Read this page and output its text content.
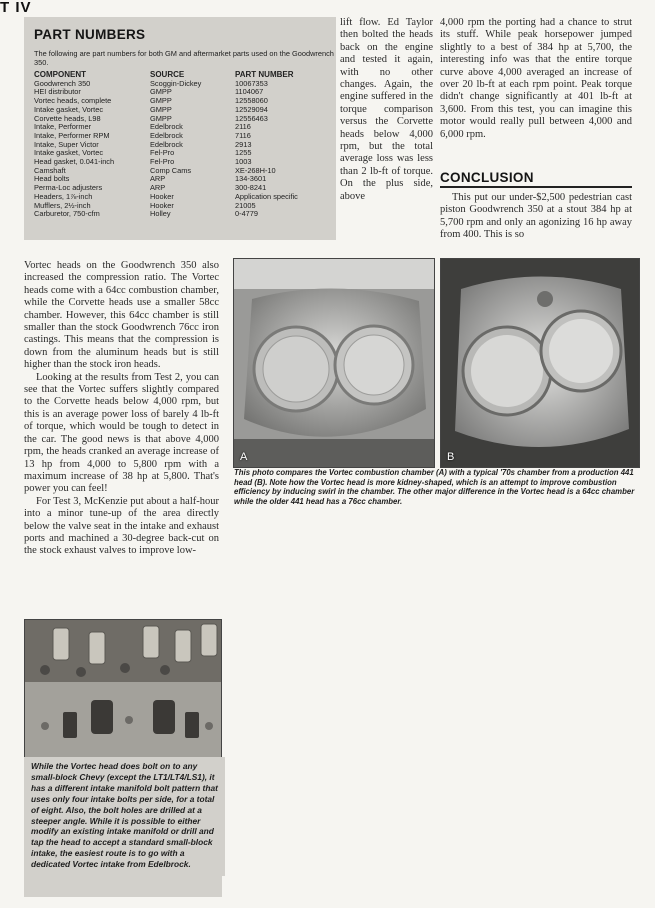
T IV
PART NUMBERS
The following are part numbers for both GM and aftermarket parts used on the Goodwrench 350.
COMPONENT	SOURCE	PART NUMBER
Goodwrench 350	Scoggin-Dickey	10067353
HEI distributor	GMPP	1104067
Vortec heads, complete	GMPP	12558060
Intake gasket, Vortec	GMPP	12529094
Corvette heads, L98	GMPP	12556463
Intake, Performer	Edelbrock	2116
Intake, Performer RPM	Edelbrock	7116
Intake, Super Victor	Edelbrock	2913
Intake gasket, Vortec	Fel-Pro	1255
Head gasket, 0.041-inch	Fel-Pro	1003
Camshaft	Comp Cams	XE-268H-10
Head bolts	ARP	134-3601
Perma-Loc adjusters	ARP	300-8241
Headers, 1⅞-inch	Hooker	Application specific
Mufflers, 2½-inch	Hooker	21005
Carburetor, 750-cfm	Holley	0-4779

lift flow. Ed Taylor then bolted the heads back on the engine and tested it again, with no other changes. Again, the engine suffered in the torque comparison versus the Corvette heads below 4,000 rpm, but the total average loss was less than 2 lb-ft of torque. On the plus side, above

4,000 rpm the porting had a chance to strut its stuff. While peak horsepower jumped slightly to a best of 384 hp at 5,700, the interesting info was that the entire torque curve above 4,000 averaged an increase of over 20 lb-ft at each rpm point. Peak torque didn't change significantly at 401 lb-ft at 3,600. From this test, you can imagine this motor would really pull between 4,000 and 6,000 rpm.

CONCLUSION

This put our under-$2,500 pedestrian cast piston Goodwrench 350 at a stout 384 hp at 5,700 rpm and only an agonizing 16 hp away from 400. This is so

Vortec heads on the Goodwrench 350 also increased the compression ratio. The Vortec heads come with a 64cc combustion chamber, while the Corvette heads use a smaller 58cc chamber. However, this 64cc chamber is still smaller than the stock Goodwrench 76cc iron castings. This means that the compression is down from the aluminum heads but is still higher than the stock iron heads.

Looking at the results from Test 2, you can see that the Vortec suffers slightly compared to the Corvette heads below 4,000 rpm, but this is an average power loss of barely 4 lb-ft of torque, which would be tough to detect in the car. The good news is that above 4,000 rpm, the heads cranked an average increase of 13 hp from 4,000 to 5,800 rpm with a maximum increase of 38 hp at 5,800. That's power you can feel!

For Test 3, McKenzie put about a half-hour into a minor tune-up of the area directly below the valve seat in the intake and exhaust ports and machined a 30-degree back-cut on the stock exhaust valves to improve low-

A	B
This photo compares the Vortec combustion chamber (A) with a typical '70s chamber from a production 441 head (B). Note how the Vortec head is more kidney-shaped, which is an attempt to improve combustion efficiency by inducing swirl in the chamber. The other major difference in the Vortec head is a 64cc chamber while the older 441 head has a 76cc chamber.
While the Vortec head does bolt on to any small-block Chevy (except the LT1/LT4/LS1), it has a different intake manifold bolt pattern that uses only four intake bolts per side, for a total of eight. Also, the bolt holes are drilled at a steeper angle. While it is possible to either modify an existing intake manifold or drill and tap the head to accept a standard small-block intake, the easiest route is to go with a dedicated Vortec intake from Edelbrock.
